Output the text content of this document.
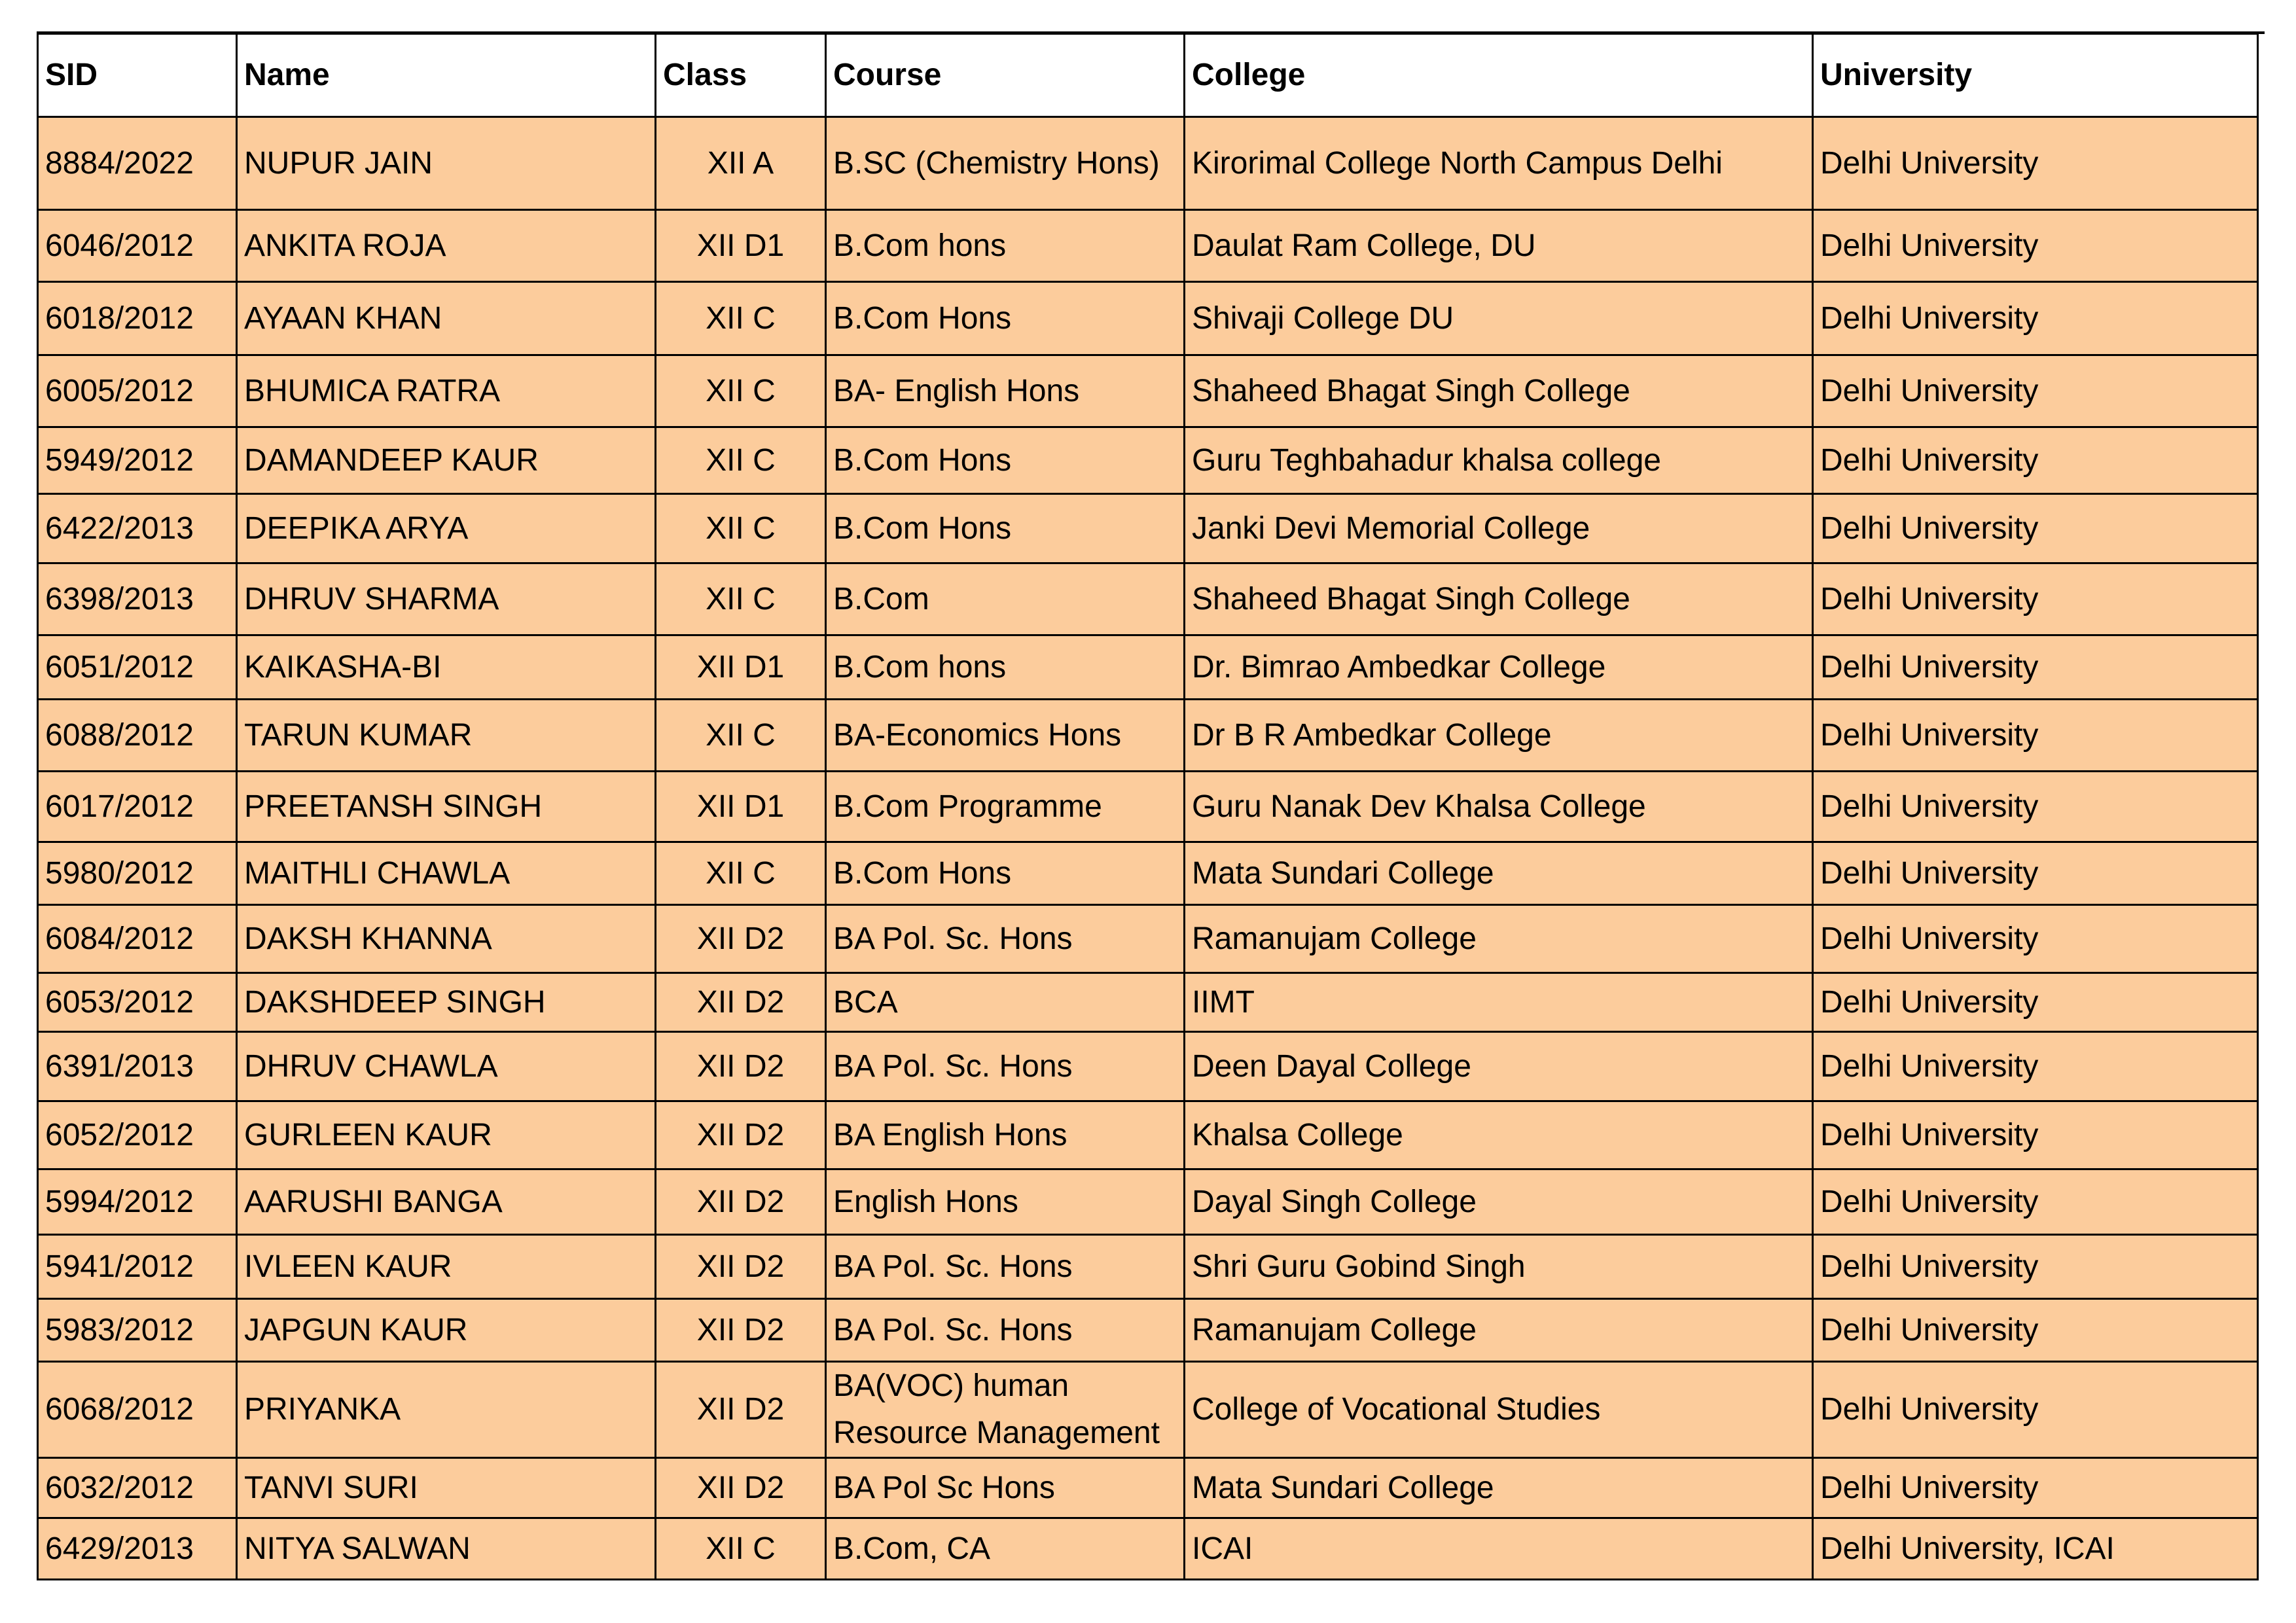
SID	Name	Class	Course	College	University
8884/2022	NUPUR JAIN	XII A	B.SC (Chemistry Hons)	Kirorimal College North Campus Delhi	Delhi University
6046/2012	ANKITA ROJA	XII D1	B.Com hons	Daulat Ram College, DU	Delhi University
6018/2012	AYAAN KHAN	XII C	B.Com Hons	Shivaji College DU	Delhi University
6005/2012	BHUMICA RATRA	XII C	BA- English Hons	Shaheed Bhagat Singh College	Delhi University
5949/2012	DAMANDEEP KAUR	XII C	B.Com Hons	Guru Teghbahadur khalsa college	Delhi University
6422/2013	DEEPIKA ARYA	XII C	B.Com Hons	Janki Devi Memorial College	Delhi University
6398/2013	DHRUV SHARMA	XII C	B.Com	Shaheed Bhagat Singh College	Delhi University
6051/2012	KAIKASHA-BI	XII D1	B.Com hons	Dr. Bimrao Ambedkar College	Delhi University
6088/2012	TARUN KUMAR	XII C	BA-Economics Hons	Dr B R Ambedkar College	Delhi University
6017/2012	PREETANSH SINGH	XII D1	B.Com Programme	Guru Nanak Dev Khalsa College	Delhi University
5980/2012	MAITHLI CHAWLA	XII C	B.Com Hons	Mata Sundari College	Delhi University
6084/2012	DAKSH KHANNA	XII D2	BA Pol. Sc. Hons	Ramanujam College	Delhi University
6053/2012	DAKSHDEEP SINGH	XII D2	BCA	IIMT	Delhi University
6391/2013	DHRUV CHAWLA	XII D2	BA Pol. Sc. Hons	Deen Dayal College	Delhi University
6052/2012	GURLEEN KAUR	XII D2	BA English Hons	Khalsa College	Delhi University
5994/2012	AARUSHI BANGA	XII D2	English Hons	Dayal Singh College	Delhi University
5941/2012	IVLEEN KAUR	XII D2	BA Pol. Sc. Hons	Shri Guru Gobind Singh	Delhi University
5983/2012	JAPGUN KAUR	XII D2	BA Pol. Sc. Hons	Ramanujam College	Delhi University
6068/2012	PRIYANKA	XII D2	BA(VOC) human Resource Management	College of Vocational Studies	Delhi University
6032/2012	TANVI SURI	XII D2	BA Pol Sc Hons	Mata Sundari College	Delhi University
6429/2013	NITYA SALWAN	XII C	B.Com, CA	ICAI	Delhi University, ICAI
